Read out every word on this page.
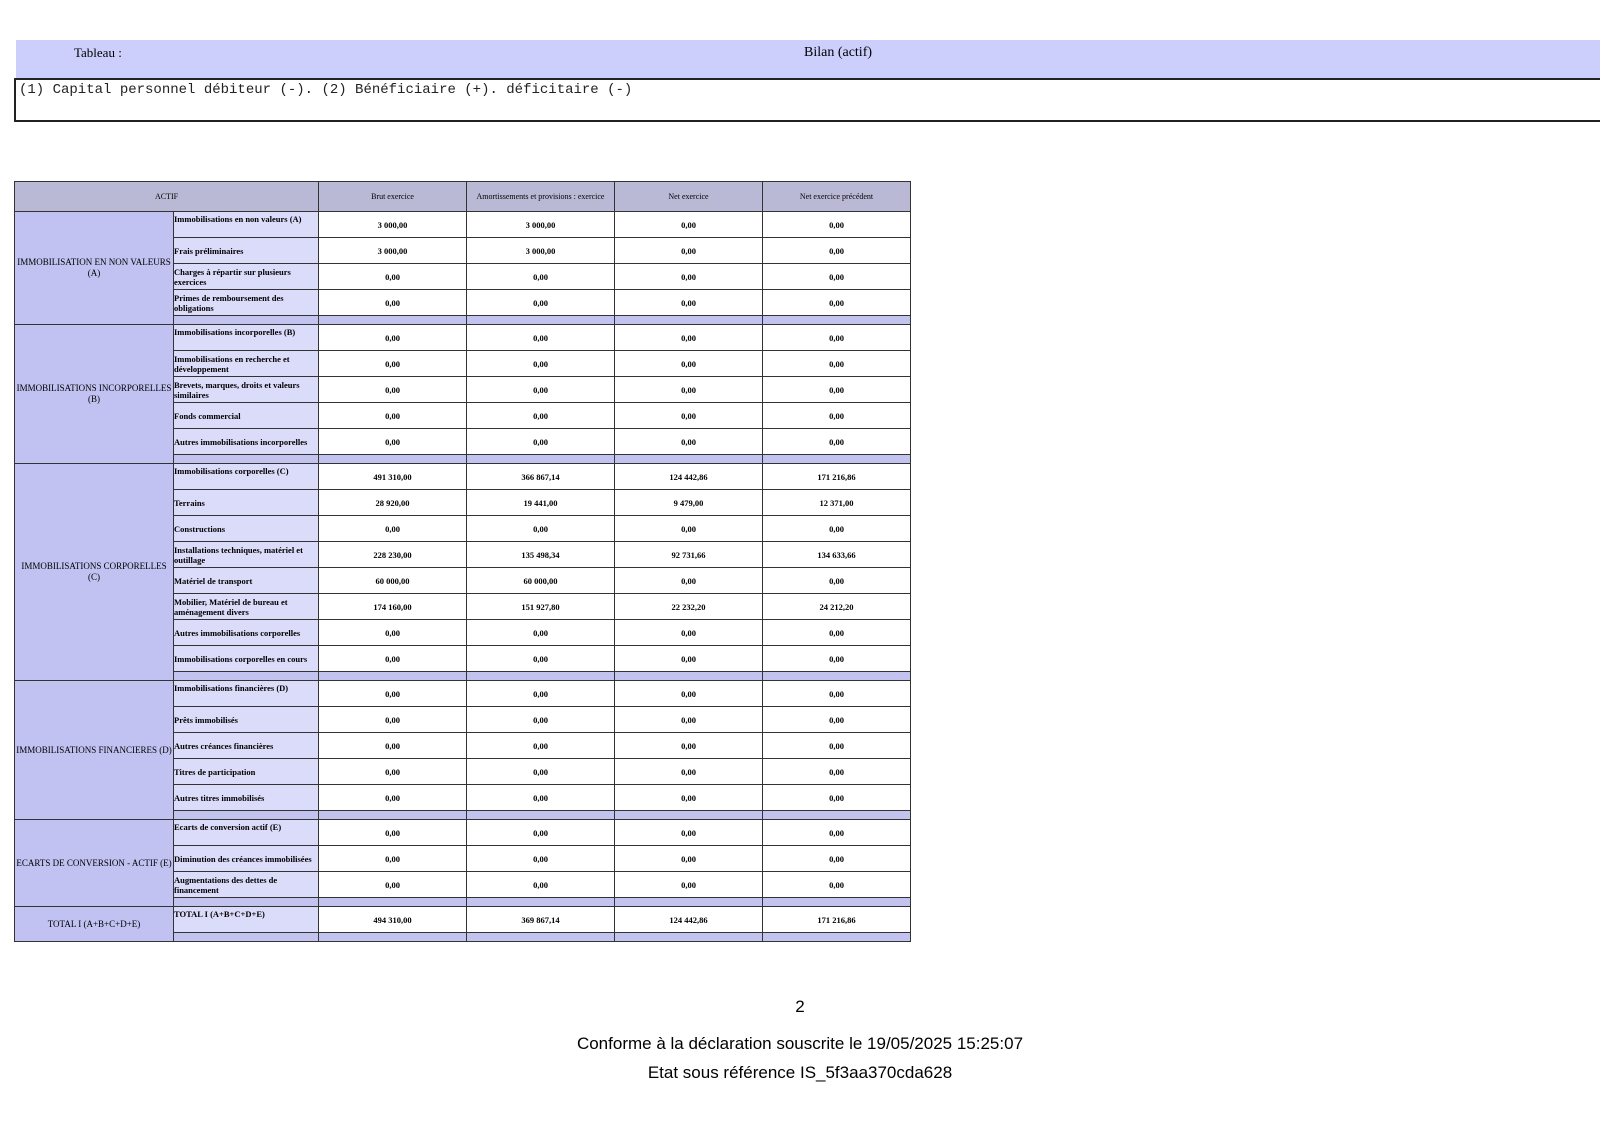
Tableau :	Bilan (actif)
(1) Capital personnel débiteur (-). (2) Bénéficiaire (+). déficitaire (-)
ACTIF		Brut exercice	Amortissements et provisions : exercice	Net exercice	Net exercice précédent
IMMOBILISATION EN NON VALEURS (A)	Immobilisations en non valeurs (A)	3 000,00	3 000,00	0,00	0,00
	Frais préliminaires	3 000,00	3 000,00	0,00	0,00
	Charges à répartir sur plusieurs exercices	0,00	0,00	0,00	0,00
	Primes de remboursement des obligations	0,00	0,00	0,00	0,00

IMMOBILISATIONS INCORPORELLES (B)	Immobilisations incorporelles (B)	0,00	0,00	0,00	0,00
	Immobilisations en recherche et développement	0,00	0,00	0,00	0,00
	Brevets, marques, droits et valeurs similaires	0,00	0,00	0,00	0,00
	Fonds commercial	0,00	0,00	0,00	0,00
	Autres immobilisations incorporelles	0,00	0,00	0,00	0,00

IMMOBILISATIONS CORPORELLES (C)	Immobilisations corporelles (C)	491 310,00	366 867,14	124 442,86	171 216,86
	Terrains	28 920,00	19 441,00	9 479,00	12 371,00
	Constructions	0,00	0,00	0,00	0,00
	Installations techniques, matériel et outillage	228 230,00	135 498,34	92 731,66	134 633,66
	Matériel de transport	60 000,00	60 000,00	0,00	0,00
	Mobilier, Matériel de bureau et aménagement divers	174 160,00	151 927,80	22 232,20	24 212,20
	Autres immobilisations corporelles	0,00	0,00	0,00	0,00
	Immobilisations corporelles en cours	0,00	0,00	0,00	0,00

IMMOBILISATIONS FINANCIERES (D)	Immobilisations financières (D)	0,00	0,00	0,00	0,00
	Prêts immobilisés	0,00	0,00	0,00	0,00
	Autres créances financières	0,00	0,00	0,00	0,00
	Titres de participation	0,00	0,00	0,00	0,00
	Autres titres immobilisés	0,00	0,00	0,00	0,00

ECARTS DE CONVERSION - ACTIF (E)	Ecarts de conversion actif (E)	0,00	0,00	0,00	0,00
	Diminution des créances immobilisées	0,00	0,00	0,00	0,00
	Augmentations des dettes de financement	0,00	0,00	0,00	0,00

TOTAL I (A+B+C+D+E)	TOTAL I (A+B+C+D+E)	494 310,00	369 867,14	124 442,86	171 216,86

2
Conforme à la déclaration souscrite le 19/05/2025 15:25:07
Etat sous référence IS_5f3aa370cda628
